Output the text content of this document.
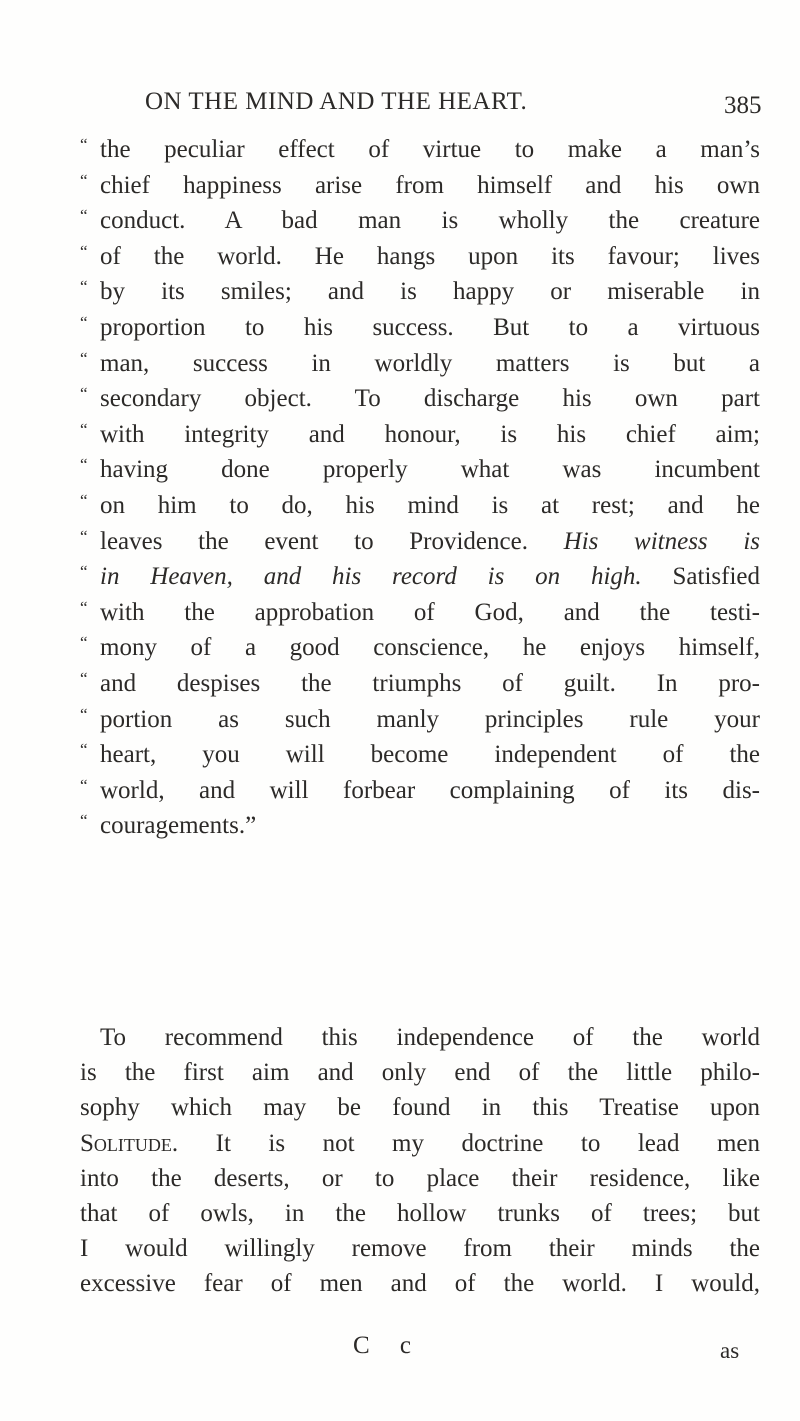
ON THE MIND AND THE HEART.	385
“ the peculiar effect of virtue to make a man’s
“ chief happiness arise from himself and his own
“ conduct. A bad man is wholly the creature
“ of the world. He hangs upon its favour; lives
“ by its smiles; and is happy or miserable in
“ proportion to his success. But to a virtuous
“ man, success in worldly matters is but a
“ secondary object. To discharge his own part
“ with integrity and honour, is his chief aim;
“ having done properly what was incumbent
“ on him to do, his mind is at rest; and he
“ leaves the event to Providence. His witness is
“ in Heaven, and his record is on high. Satisfied
“ with the approbation of God, and the testi-
“ mony of a good conscience, he enjoys himself,
“ and despises the triumphs of guilt. In pro-
“ portion as such manly principles rule your
“ heart, you will become independent of the
“ world, and will forbear complaining of its dis-
“ couragements.”
To recommend this independence of the world
is the first aim and only end of the little philo-
sophy which may be found in this Treatise upon
Solitude. It is not my doctrine to lead men
into the deserts, or to place their residence, like
that of owls, in the hollow trunks of trees; but
I would willingly remove from their minds the
excessive fear of men and of the world. I would,
C c	as
